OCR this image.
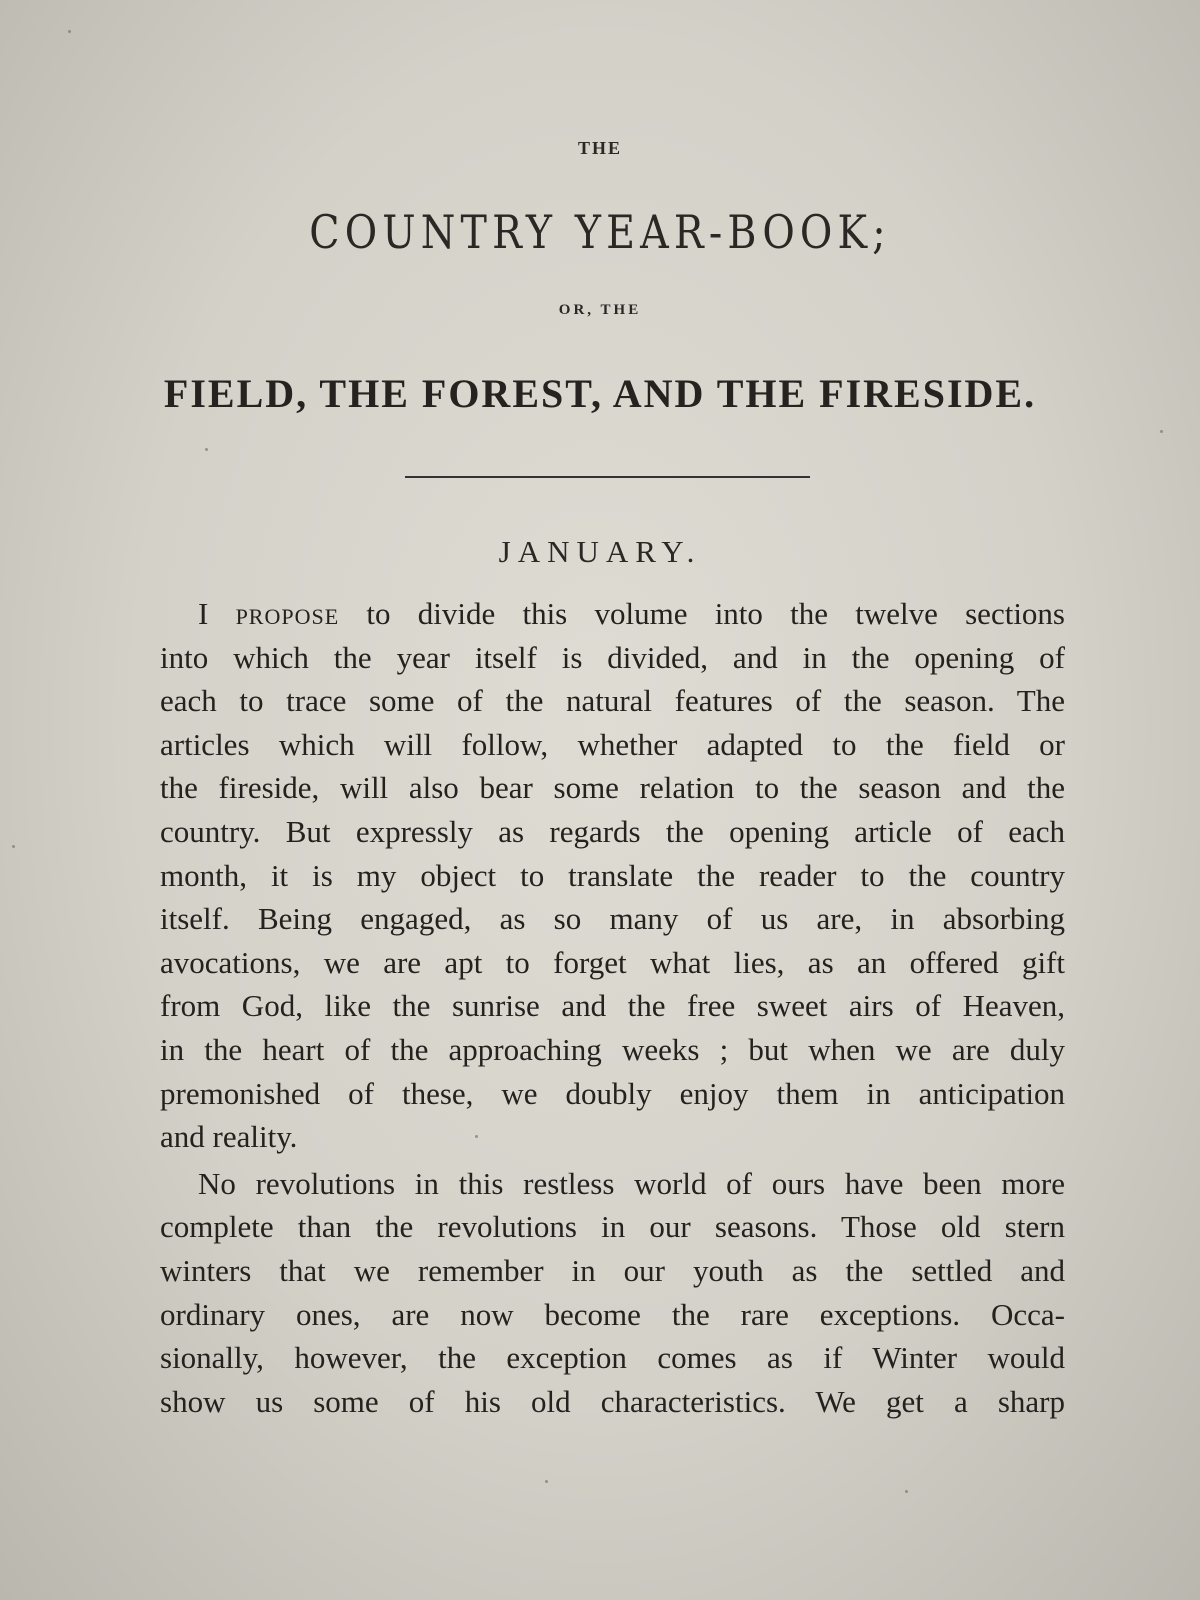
THE
COUNTRY YEAR-BOOK;
OR, THE
FIELD, THE FOREST, AND THE FIRESIDE.
JANUARY.
I propose to divide this volume into the twelve sections
into which the year itself is divided, and in the opening of
each to trace some of the natural features of the season. The
articles which will follow, whether adapted to the field or
the fireside, will also bear some relation to the season and the
country. But expressly as regards the opening article of each
month, it is my object to translate the reader to the country
itself. Being engaged, as so many of us are, in absorbing
avocations, we are apt to forget what lies, as an offered gift
from God, like the sunrise and the free sweet airs of Heaven,
in the heart of the approaching weeks ; but when we are duly
premonished of these, we doubly enjoy them in anticipation
and reality.
No revolutions in this restless world of ours have been more
complete than the revolutions in our seasons. Those old stern
winters that we remember in our youth as the settled and
ordinary ones, are now become the rare exceptions. Occa-
sionally, however, the exception comes as if Winter would
show us some of his old characteristics. We get a sharp
